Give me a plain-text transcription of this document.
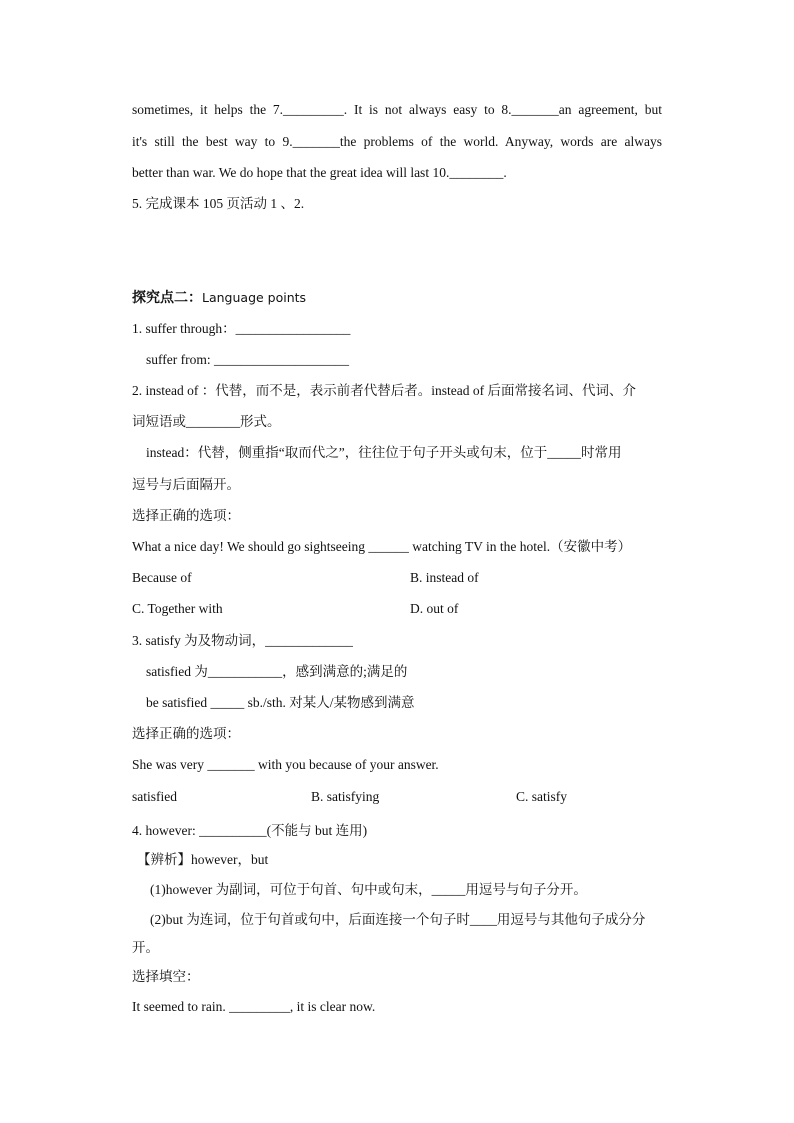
sometimes, it helps the 7._________. It is not always easy to 8._______an agreement, but
it's still the best way to 9._______the problems of the world. Anyway, words are always
better than war. We do hope that the great idea will last 10.________.
5. 完成课本 105 页活动 1 、2.
探究点二：Language points
1. suffer through：_________________
suffer from: ____________________
2. instead of ：代替，而不是，表示前者代替后者。instead of 后面常接名词、代词、介
词短语或________形式。
instead：代替，侧重指“取而代之”，往往位于句子开头或句末，位于_____时常用
逗号与后面隔开。
选择正确的选项：
What a nice day! We should go sightseeing ______ watching TV in the hotel.（安徽中考）
Because of	B. instead of
C. Together with	D. out of
3. satisfy 为及物动词，_____________
satisfied 为___________，感到满意的;满足的
be satisfied _____ sb./sth. 对某人/某物感到满意
选择正确的选项：
She was very _______ with you because of your answer.
satisfied	B. satisfying	C. satisfy
4. however: __________(不能与 but 连用)
【辨析】however，but
(1)however 为副词，可位于句首、句中或句末，_____用逗号与句子分开。
(2)but 为连词，位于句首或句中，后面连接一个句子时____用逗号与其他句子成分分
开。
选择填空：
It seemed to rain. _________, it is clear now.
